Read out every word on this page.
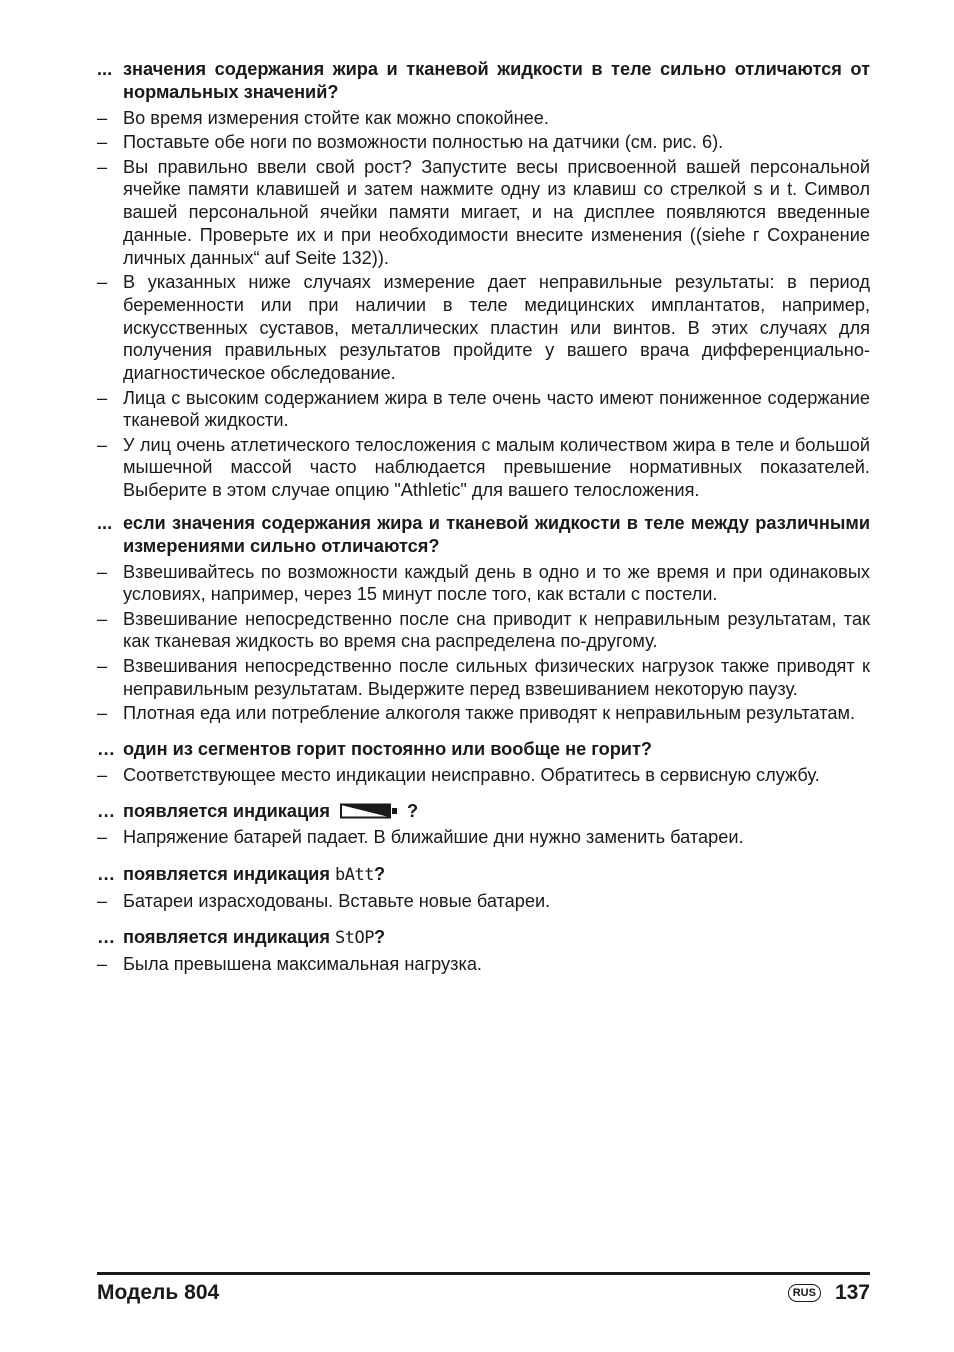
... значения содержания жира и тканевой жидкости в теле сильно отличаются от нормальных значений?
– Во время измерения стойте как можно спокойнее.
– Поставьте обе ноги по возможности полностью на датчики (см. рис. 6).
– Вы правильно ввели свой рост? Запустите весы присвоенной вашей персональной ячейке памяти клавишей и затем нажмите одну из клавиш со стрелкой s и t. Символ вашей персональной ячейки памяти мигает, и на дисплее появляются введенные данные. Проверьте их и при необходимости внесите изменения ((siehe г Сохранение личных данных“ auf Seite 132)).
– В указанных ниже случаях измерение дает неправильные результаты: в период беременности или при наличии в теле медицинских имплантатов, например, искусственных суставов, металлических пластин или винтов. В этих случаях для получения правильных результатов пройдите у вашего врача дифференциально-диагностическое обследование.
– Лица с высоким содержанием жира в теле очень часто имеют пониженное содержание тканевой жидкости.
– У лиц очень атлетического телосложения с малым количеством жира в теле и большой мышечной массой часто наблюдается превышение нормативных показателей. Выберите в этом случае опцию "Athletic" для вашего телосложения.
... если значения содержания жира и тканевой жидкости в теле между различными измерениями сильно отличаются?
– Взвешивайтесь по возможности каждый день в одно и то же время и при одинаковых условиях, например, через 15 минут после того, как встали с постели.
– Взвешивание непосредственно после сна приводит к неправильным результатам, так как тканевая жидкость во время сна распределена по-другому.
– Взвешивания непосредственно после сильных физических нагрузок также приводят к неправильным результатам. Выдержите перед взвешиванием некоторую паузу.
– Плотная еда или потребление алкоголя также приводят к неправильным результатам.
… один из сегментов горит постоянно или вообще не горит?
– Соответствующее место индикации неисправно. Обратитесь в сервисную службу.
… появляется индикация	?
– Напряжение батарей падает. В ближайшие дни нужно заменить батареи.
… появляется индикация bAtt?
– Батареи израсходованы. Вставьте новые батареи.
… появляется индикация StOP?
– Была превышена максимальная нагрузка.
Модель 804	RUS 137
